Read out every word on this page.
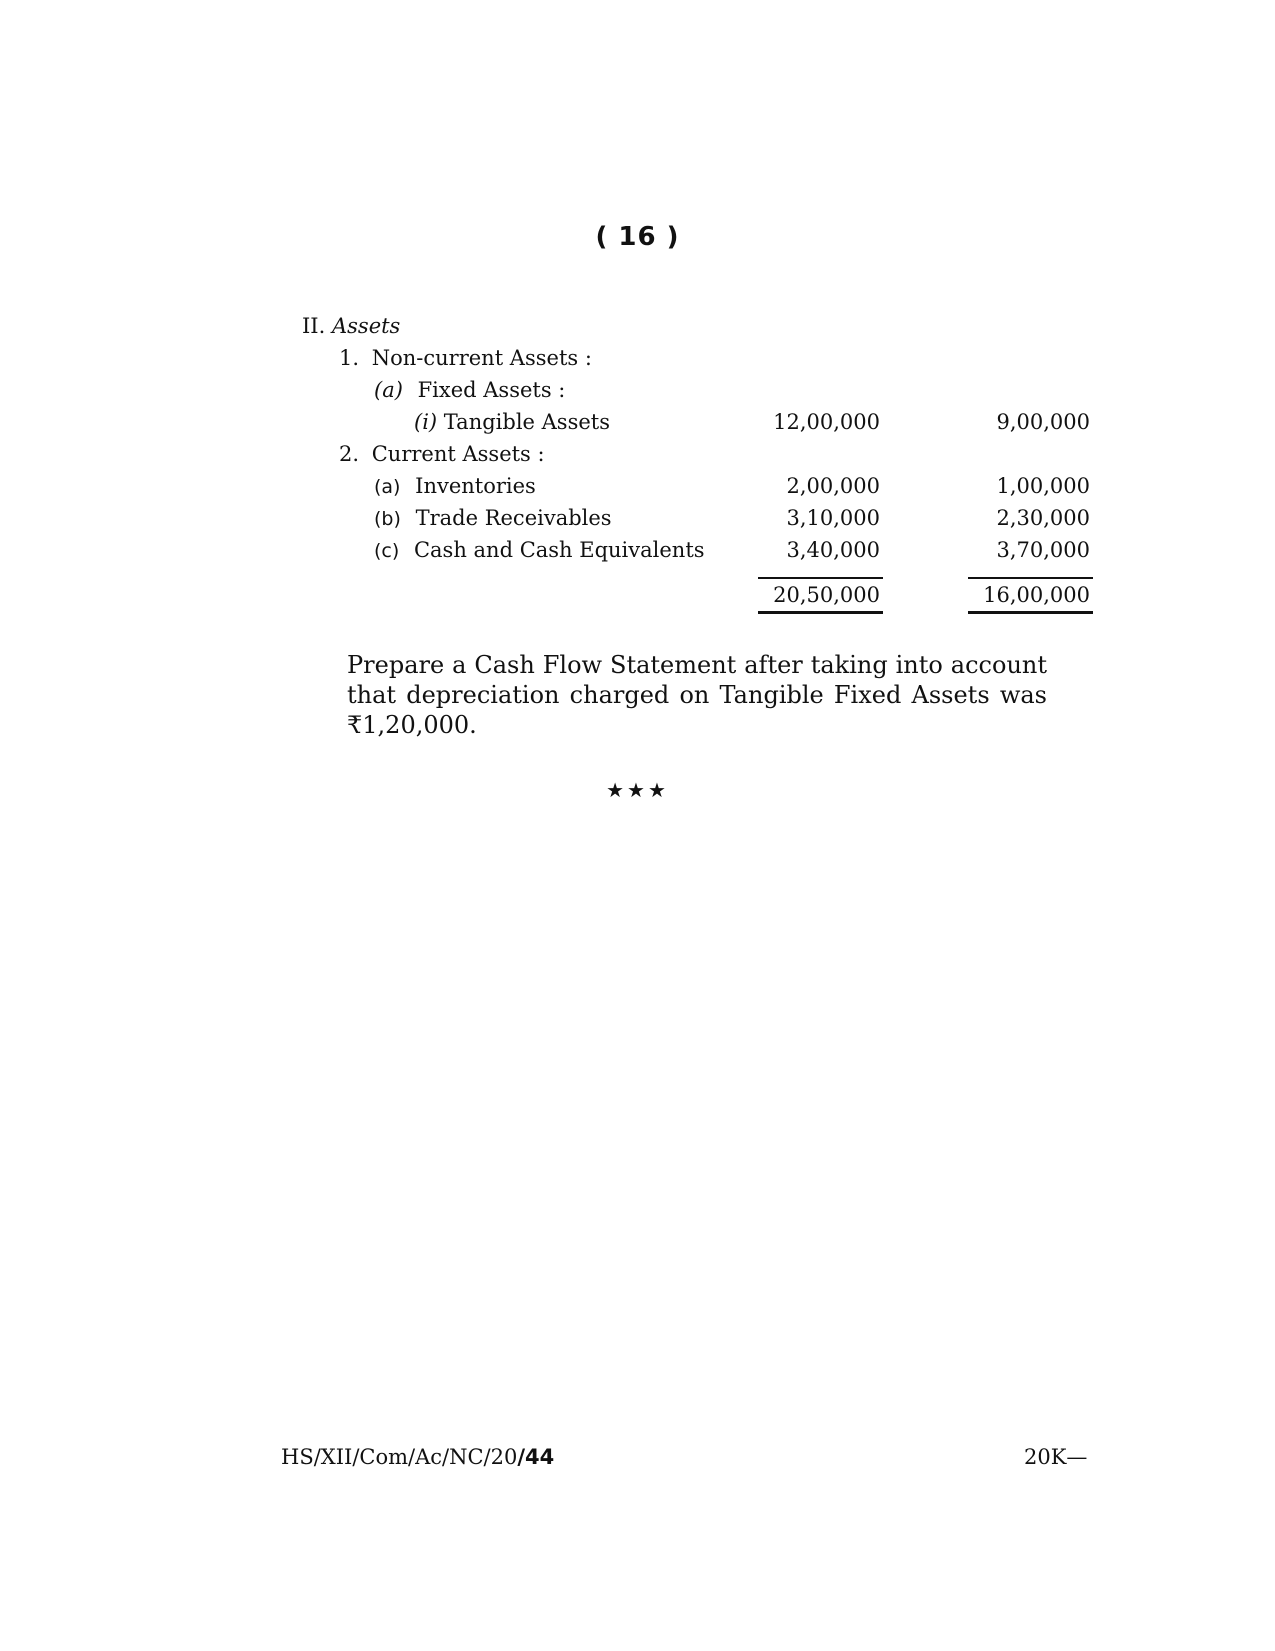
( 16 )
II. Assets
1. Non-current Assets :
(a) Fixed Assets :
(i) Tangible Assets	12,00,000	9,00,000
2. Current Assets :
(a) Inventories	2,00,000	1,00,000
(b) Trade Receivables	3,10,000	2,30,000
(c) Cash and Cash Equivalents	3,40,000	3,70,000
20,50,000	16,00,000
Prepare a Cash Flow Statement after taking into account that depreciation charged on Tangible Fixed Assets was ₹1,20,000.
★★★
HS/XII/Com/Ac/NC/20/44	20K—
